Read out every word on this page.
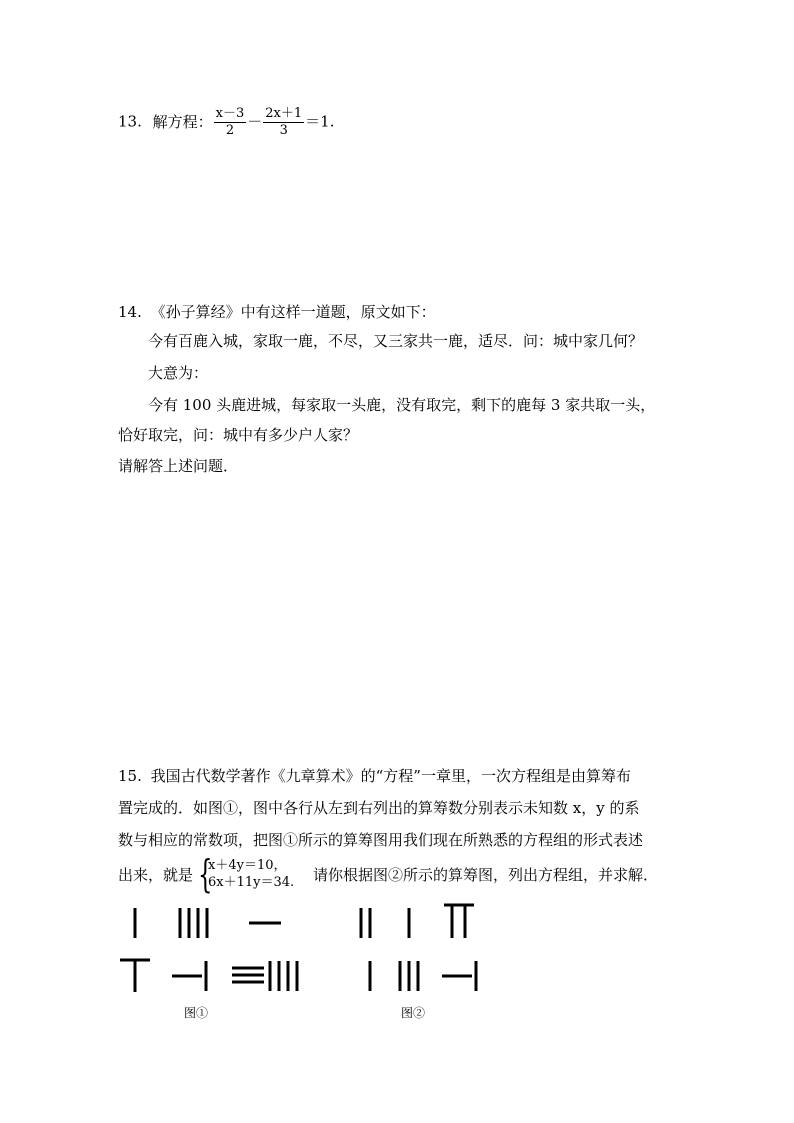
13. 解方程： $\frac{x-3}{2} - \frac{2x+1}{3} =1$.
14. 《孙子算经》中有这样一道题，原文如下：
今有百鹿入城，家取一鹿，不尽，又三家共一鹿，适尽．问：城中家几何？
大意为：
今有 100 头鹿进城，每家取一头鹿，没有取完，剩下的鹿每 3 家共取一头，
恰好取完，问：城中有多少户人家？
请解答上述问题．
15. 我国古代数学著作《九章算术》的“方程”一章里，一次方程组是由算筹布
置完成的．如图①，图中各行从左到右列出的算筹数分别表示未知数 x，y 的系
数与相应的常数项，把图①所示的算筹图用我们现在所熟悉的方程组的形式表述
出来，就是 {
x＋4y＝10，
6x＋11y＝34. 请你根据图②所示的算筹图，列出方程组，并求解．
图①	图②
